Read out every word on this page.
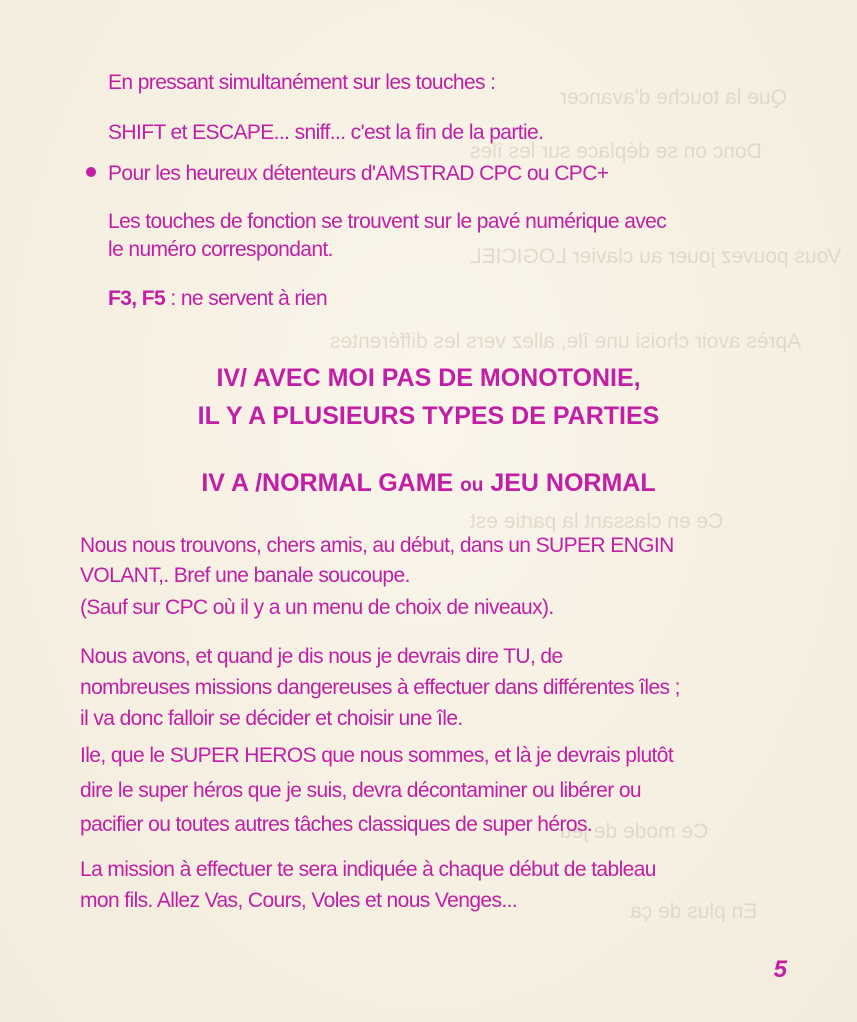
Que la touche d'avancer
Donc on se déplace sur les îles
Vous pouvez jouer au clavier LOGICIEL
Après avoir choisi une île, allez vers les différentes
Ce en classant la partie est
Ce mode de jeu
En plus de ça
En pressant simultanément sur les touches :
SHIFT et ESCAPE... sniff... c'est la fin de la partie.
Pour les heureux détenteurs d'AMSTRAD CPC ou CPC+
Les touches de fonction se trouvent sur le pavé numérique avec
le numéro correspondant.
F3, F5 : ne servent à rien
IV/ AVEC MOI PAS DE MONOTONIE,
IL Y A PLUSIEURS TYPES DE PARTIES
IV A /NORMAL GAME ou JEU NORMAL
Nous nous trouvons, chers amis, au début, dans un SUPER ENGIN
VOLANT,. Bref une banale soucoupe.
(Sauf sur CPC où il y a un menu de choix de niveaux).
Nous avons, et quand je dis nous je devrais dire TU, de
nombreuses missions dangereuses à effectuer dans différentes îles ;
il va donc falloir se décider et choisir une île.
Ile, que le SUPER HEROS que nous sommes, et là je devrais plutôt
dire le super héros que je suis, devra décontaminer ou libérer ou
pacifier ou toutes autres tâches classiques de super héros.
La mission à effectuer te sera indiquée à chaque début de tableau
mon fils. Allez Vas, Cours, Voles et nous Venges...
5
